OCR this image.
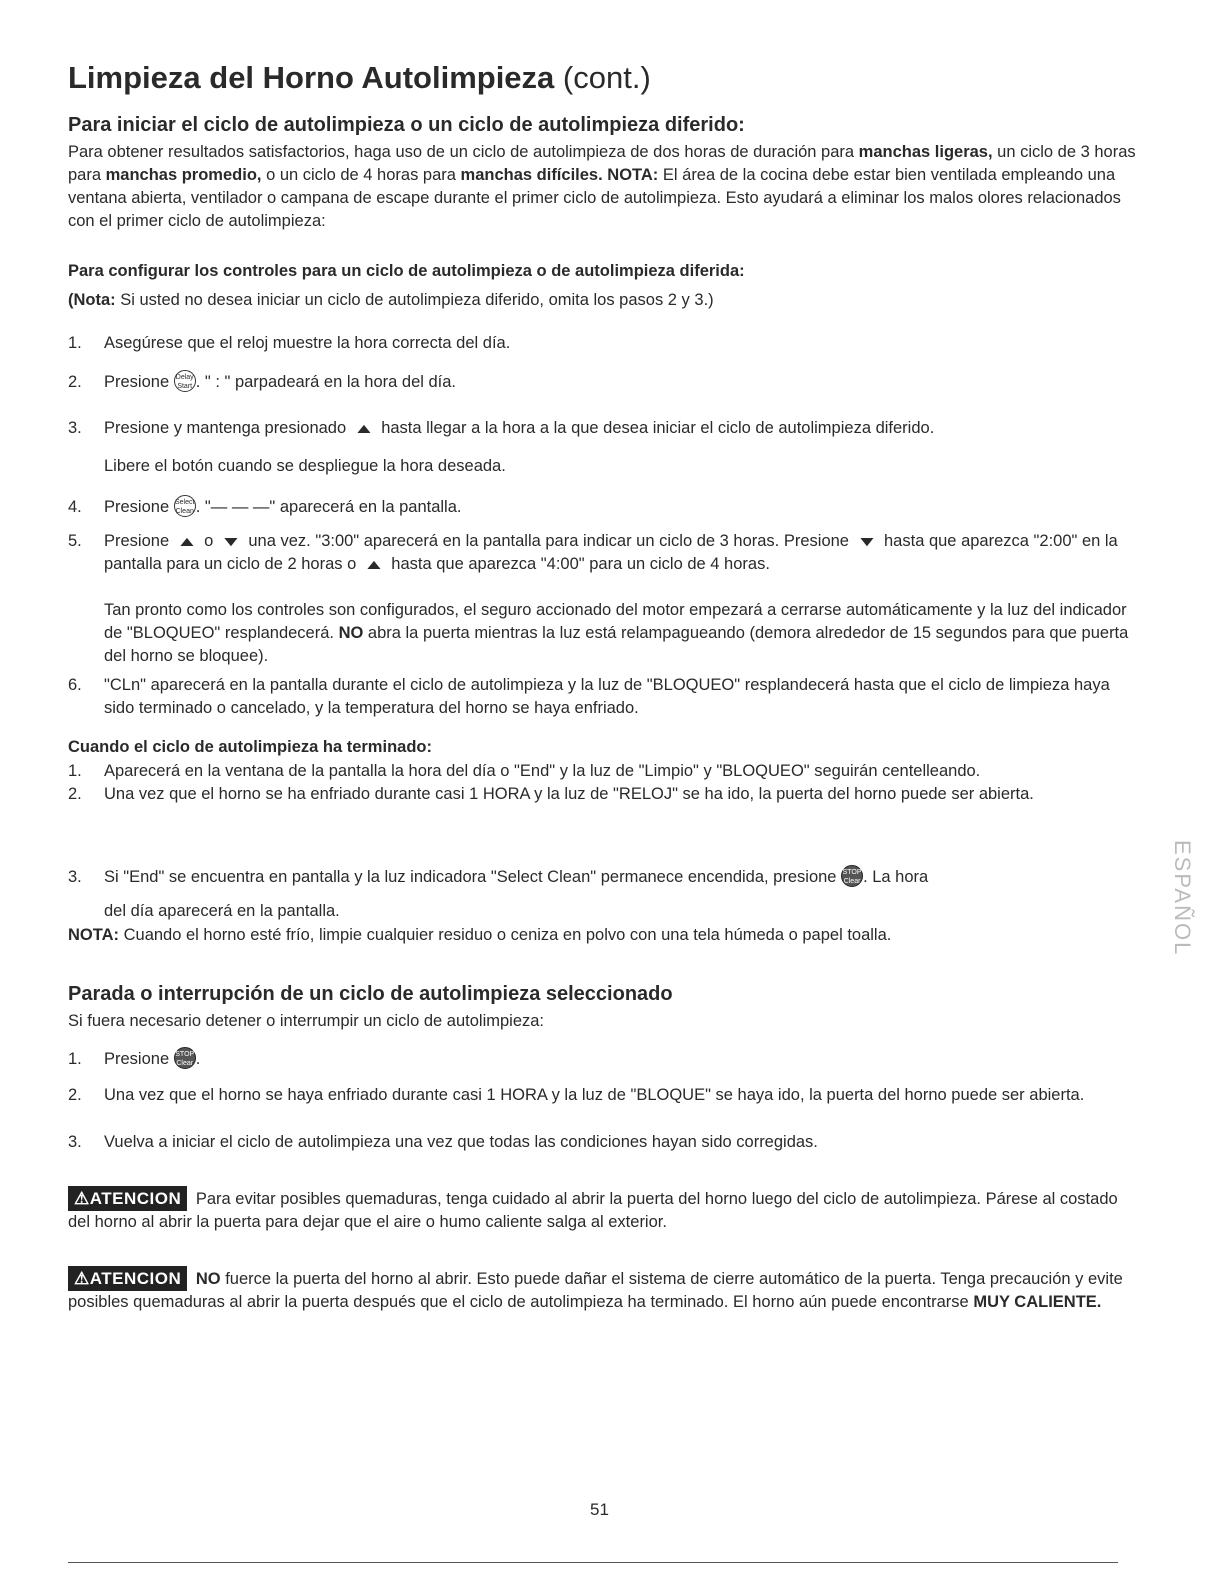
Limpieza del Horno Autolimpieza (cont.)
Para iniciar el ciclo de autolimpieza o un ciclo de autolimpieza diferido:

Para obtener resultados satisfactorios, haga uso de un ciclo de autolimpieza de dos horas de duración para manchas ligeras, un ciclo de 3 horas para manchas promedio, o un ciclo de 4 horas para manchas difíciles. NOTA: El área de la cocina debe estar bien ventilada empleando una ventana abierta, ventilador o campana de escape durante el primer ciclo de autolimpieza. Esto ayudará a eliminar los malos olores relacionados con el primer ciclo de autolimpieza:

Para configurar los controles para un ciclo de autolimpieza o de autolimpieza diferida:

(Nota: Si usted no desea iniciar un ciclo de autolimpieza diferido, omita los pasos 2 y 3.)

1.	Asegúrese que el reloj muestre la hora correcta del día.
2.	Presione Delay Start . " : " parpadeará en la hora del día.
3.	Presione y mantenga presionado ▲ hasta llegar a la hora a la que desea iniciar el ciclo de autolimpieza diferido.
Libere el botón cuando se despliegue la hora deseada.
4.	Presione Select Clean . "— — —" aparecerá en la pantalla.
5.	Presione ▲ o ▼ una vez. "3:00" aparecerá en la pantalla para indicar un ciclo de 3 horas. Presione ▼ hasta que aparezca "2:00" en la pantalla para un ciclo de 2 horas o ▲ hasta que aparezca "4:00" para un ciclo de 4 horas.
Tan pronto como los controles son configurados, el seguro accionado del motor empezará a cerrarse automáticamente y la luz del indicador de "BLOQUEO" resplandecerá. NO abra la puerta mientras la luz está relampagueando (demora alrededor de 15 segundos para que puerta del horno se bloquee).
6.	"CLn" aparecerá en la pantalla durante el ciclo de autolimpieza y la luz de "BLOQUEO" resplandecerá hasta que el ciclo de limpieza haya sido terminado o cancelado, y la temperatura del horno se haya enfriado.
Cuando el ciclo de autolimpieza ha terminado:
1.	Aparecerá en la ventana de la pantalla la hora del día o "End" y la luz de "Limpio" y "BLOQUEO" seguirán centelleando.
2.	Una vez que el horno se ha enfriado durante casi 1 HORA y la luz de "RELOJ" se ha ido, la puerta del horno puede ser abierta.
3.	Si "End" se encuentra en pantalla y la luz indicadora "Select Clean" permanece encendida, presione STOP Clear . La hora
del día aparecerá en la pantalla.

NOTA: Cuando el horno esté frío, limpie cualquier residuo o ceniza en polvo con una tela húmeda o papel toalla.

Parada o interrupción de un ciclo de autolimpieza seleccionado

Si fuera necesario detener o interrumpir un ciclo de autolimpieza:

1.	Presione STOP Clear .
2.	Una vez que el horno se haya enfriado durante casi 1 HORA y la luz de "BLOQUE" se haya ido, la puerta del horno puede ser abierta.
3.	Vuelva a iniciar el ciclo de autolimpieza una vez que todas las condiciones hayan sido corregidas.

⚠ATENCION Para evitar posibles quemaduras, tenga cuidado al abrir la puerta del horno luego del ciclo de autolimpieza. Párese al costado del horno al abrir la puerta para dejar que el aire o humo caliente salga al exterior.

⚠ATENCION NO fuerce la puerta del horno al abrir. Esto puede dañar el sistema de cierre automático de la puerta. Tenga precaución y evite posibles quemaduras al abrir la puerta después que el ciclo de autolimpieza ha terminado. El horno aún puede encontrarse MUY CALIENTE.

ESPAÑOL
51
